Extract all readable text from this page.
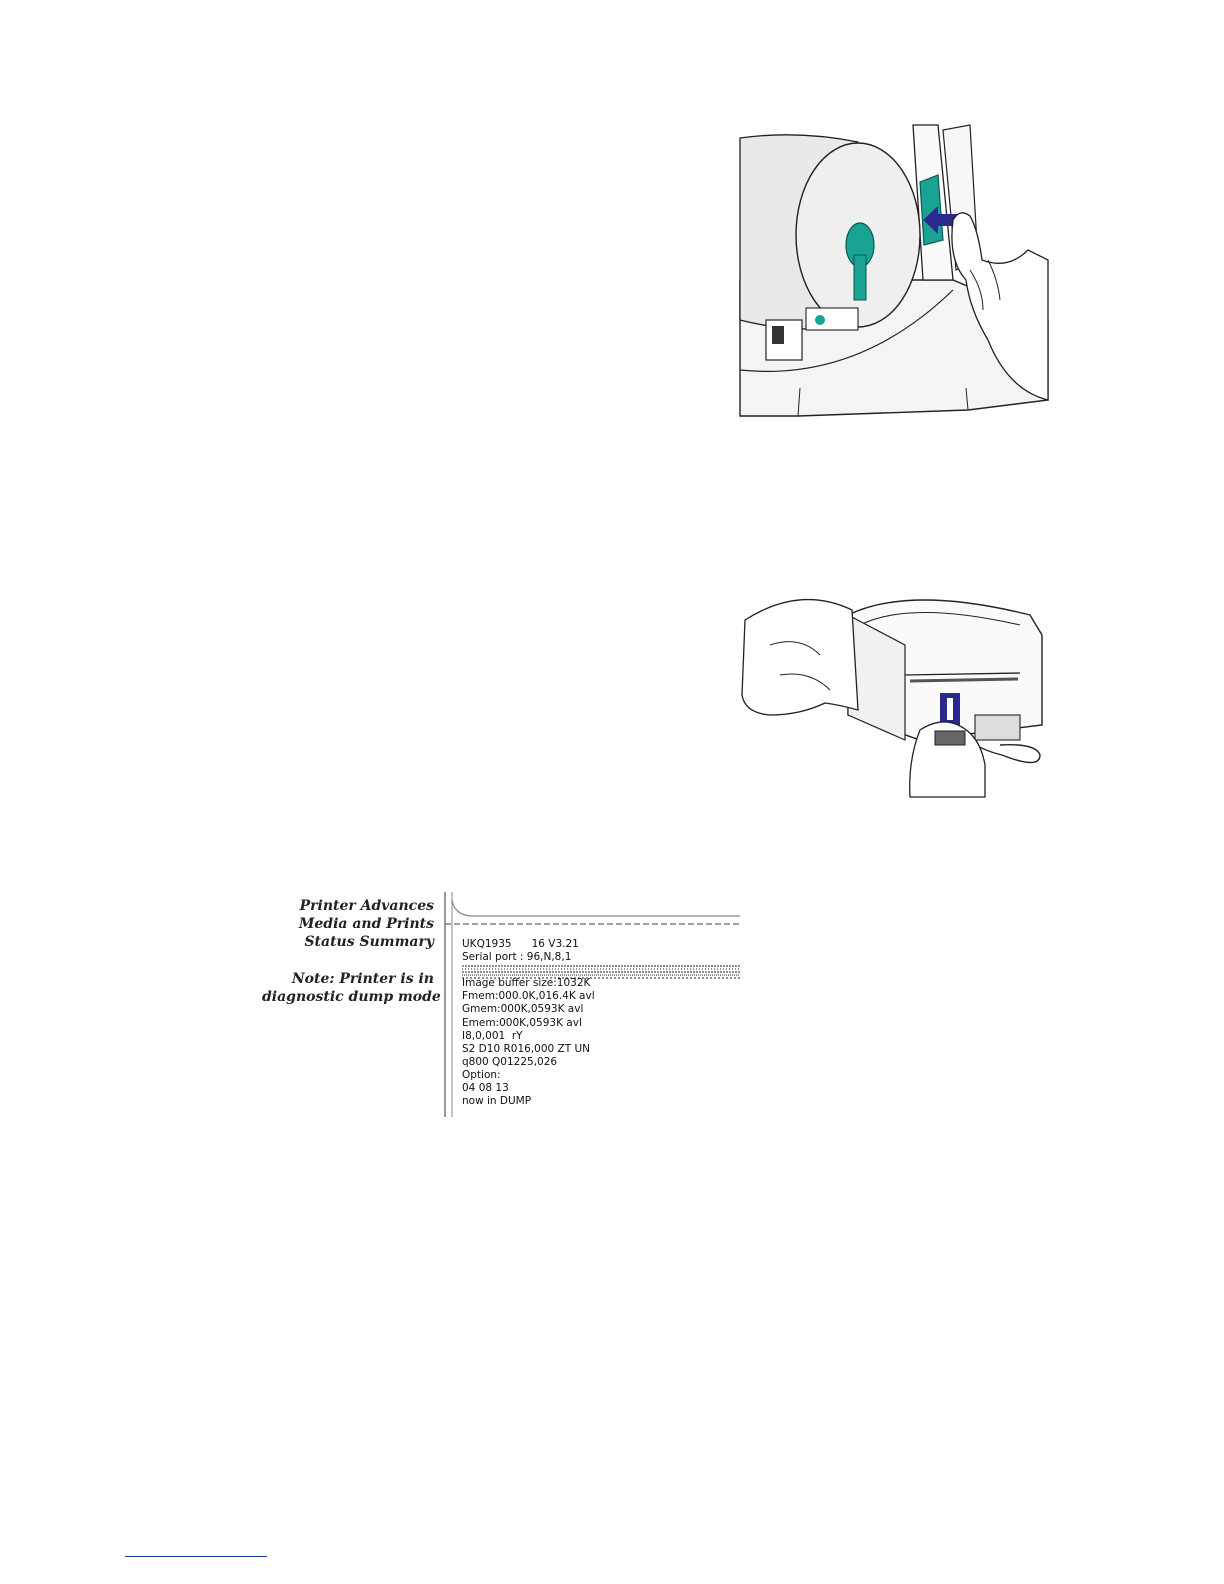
Printer Advances
Media and Prints
Status Summary
Note: Printer is in
diagnostic dump mode
UKQ1935      16 V3.21
Serial port : 96,N,8,1
Image buffer size:1032K
Fmem:000.0K,016.4K avl
Gmem:000K,0593K avl
Emem:000K,0593K avl
I8,0,001  rY
S2 D10 R016,000 ZT UN
q800 Q01225,026
Option:
04 08 13
now in DUMP
